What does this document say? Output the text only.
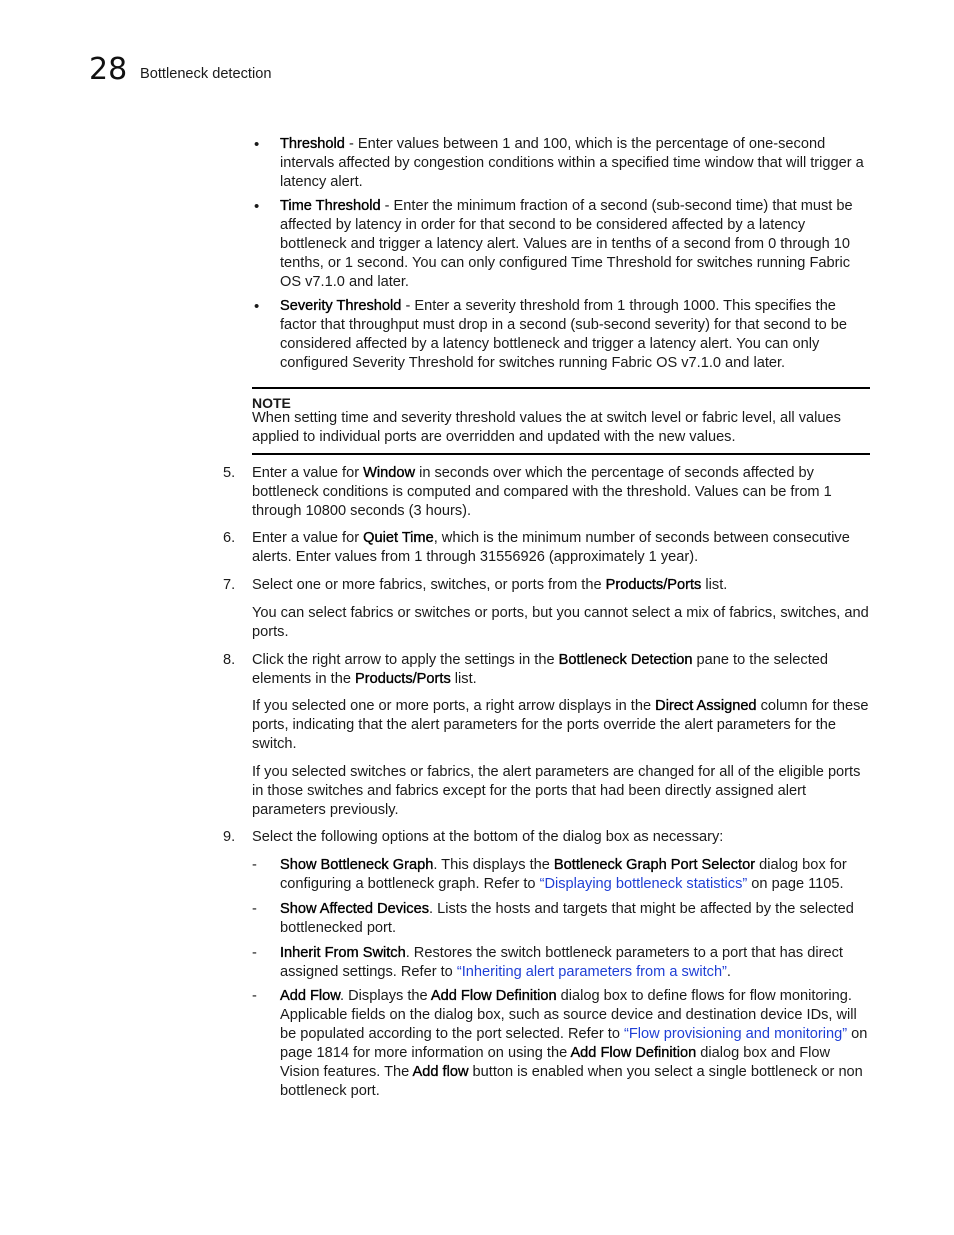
28 Bottleneck detection
• Threshold - Enter values between 1 and 100, which is the percentage of one-second intervals affected by congestion conditions within a specified time window that will trigger a latency alert.
• Time Threshold - Enter the minimum fraction of a second (sub-second time) that must be affected by latency in order for that second to be considered affected by a latency bottleneck and trigger a latency alert. Values are in tenths of a second from 0 through 10 tenths, or 1 second. You can only configured Time Threshold for switches running Fabric OS v7.1.0 and later.
• Severity Threshold - Enter a severity threshold from 1 through 1000. This specifies the factor that throughput must drop in a second (sub-second severity) for that second to be considered affected by a latency bottleneck and trigger a latency alert. You can only configured Severity Threshold for switches running Fabric OS v7.1.0 and later.
NOTE
When setting time and severity threshold values the at switch level or fabric level, all values applied to individual ports are overridden and updated with the new values.
5. Enter a value for Window in seconds over which the percentage of seconds affected by bottleneck conditions is computed and compared with the threshold. Values can be from 1 through 10800 seconds (3 hours).
6. Enter a value for Quiet Time, which is the minimum number of seconds between consecutive alerts. Enter values from 1 through 31556926 (approximately 1 year).
7. Select one or more fabrics, switches, or ports from the Products/Ports list.
You can select fabrics or switches or ports, but you cannot select a mix of fabrics, switches, and ports.
8. Click the right arrow to apply the settings in the Bottleneck Detection pane to the selected elements in the Products/Ports list.
If you selected one or more ports, a right arrow displays in the Direct Assigned column for these ports, indicating that the alert parameters for the ports override the alert parameters for the switch.
If you selected switches or fabrics, the alert parameters are changed for all of the eligible ports in those switches and fabrics except for the ports that had been directly assigned alert parameters previously.
9. Select the following options at the bottom of the dialog box as necessary:
- Show Bottleneck Graph. This displays the Bottleneck Graph Port Selector dialog box for configuring a bottleneck graph. Refer to “Displaying bottleneck statistics” on page 1105.
- Show Affected Devices. Lists the hosts and targets that might be affected by the selected bottlenecked port.
- Inherit From Switch. Restores the switch bottleneck parameters to a port that has direct assigned settings. Refer to “Inheriting alert parameters from a switch”.
- Add Flow. Displays the Add Flow Definition dialog box to define flows for flow monitoring. Applicable fields on the dialog box, such as source device and destination device IDs, will be populated according to the port selected. Refer to “Flow provisioning and monitoring” on page 1814 for more information on using the Add Flow Definition dialog box and Flow Vision features. The Add flow button is enabled when you select a single bottleneck or non bottleneck port.
